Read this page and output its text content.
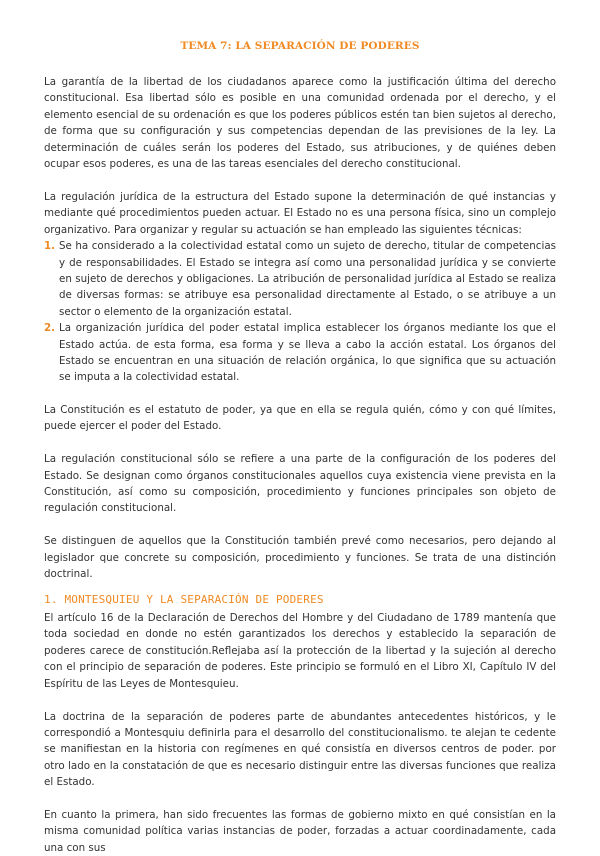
TEMA 7: LA SEPARACIÓN DE PODERES

La garantía de la libertad de los ciudadanos aparece como la justificación última del derecho constitucional. Esa libertad sólo es posible en una comunidad ordenada por el derecho, y el elemento esencial de su ordenación es que los poderes públicos estén tan bien sujetos al derecho, de forma que su configuración y sus competencias dependan de las previsiones de la ley. La determinación de cuáles serán los poderes del Estado, sus atribuciones, y de quiénes deben ocupar esos poderes, es una de las tareas esenciales del derecho constitucional.

La regulación jurídica de la estructura del Estado supone la determinación de qué instancias y mediante qué procedimientos pueden actuar. El Estado no es una persona física, sino un complejo organizativo. Para organizar y regular su actuación se han empleado las siguientes técnicas:

1. Se ha considerado a la colectividad estatal como un sujeto de derecho, titular de competencias y de responsabilidades. El Estado se integra así como una personalidad jurídica y se convierte en sujeto de derechos y obligaciones. La atribución de personalidad jurídica al Estado se realiza de diversas formas: se atribuye esa personalidad directamente al Estado, o se atribuye a un sector o elemento de la organización estatal.
2. La organización jurídica del poder estatal implica establecer los órganos mediante los que el Estado actúa. de esta forma, esa forma y se lleva a cabo la acción estatal. Los órganos del Estado se encuentran en una situación de relación orgánica, lo que significa que su actuación se imputa a la colectividad estatal.

La Constitución es el estatuto de poder, ya que en ella se regula quién, cómo y con qué límites, puede ejercer el poder del Estado.

La regulación constitucional sólo se refiere a una parte de la configuración de los poderes del Estado. Se designan como órganos constitucionales aquellos cuya existencia viene prevista en la Constitución, así como su composición, procedimiento y funciones principales son objeto de regulación constitucional.

Se distinguen de aquellos que la Constitución también prevé como necesarios, pero dejando al legislador que concrete su composición, procedimiento y funciones. Se trata de una distinción doctrinal.

1. MONTESQUIEU Y LA SEPARACIÓN DE PODERES

El artículo 16 de la Declaración de Derechos del Hombre y del Ciudadano de 1789 mantenía que toda sociedad en donde no estén garantizados los derechos y establecido la separación de poderes carece de constitución.Reflejaba así la protección de la libertad y la sujeción al derecho con el principio de separación de poderes. Este principio se formuló en el Libro XI, Capítulo IV del Espíritu de las Leyes de Montesquieu.

La doctrina de la separación de poderes parte de abundantes antecedentes históricos, y le correspondió a Montesquiu definirla para el desarrollo del constitucionalismo. te alejan te cedente se manifiestan en la historia con regímenes en qué consistía en diversos centros de poder. por otro lado en la constatación de que es necesario distinguir entre las diversas funciones que realiza el Estado.

En cuanto la primera, han sido frecuentes las formas de gobierno mixto en qué consistían en la misma comunidad política varias instancias de poder, forzadas a actuar coordinadamente, cada una con sus
